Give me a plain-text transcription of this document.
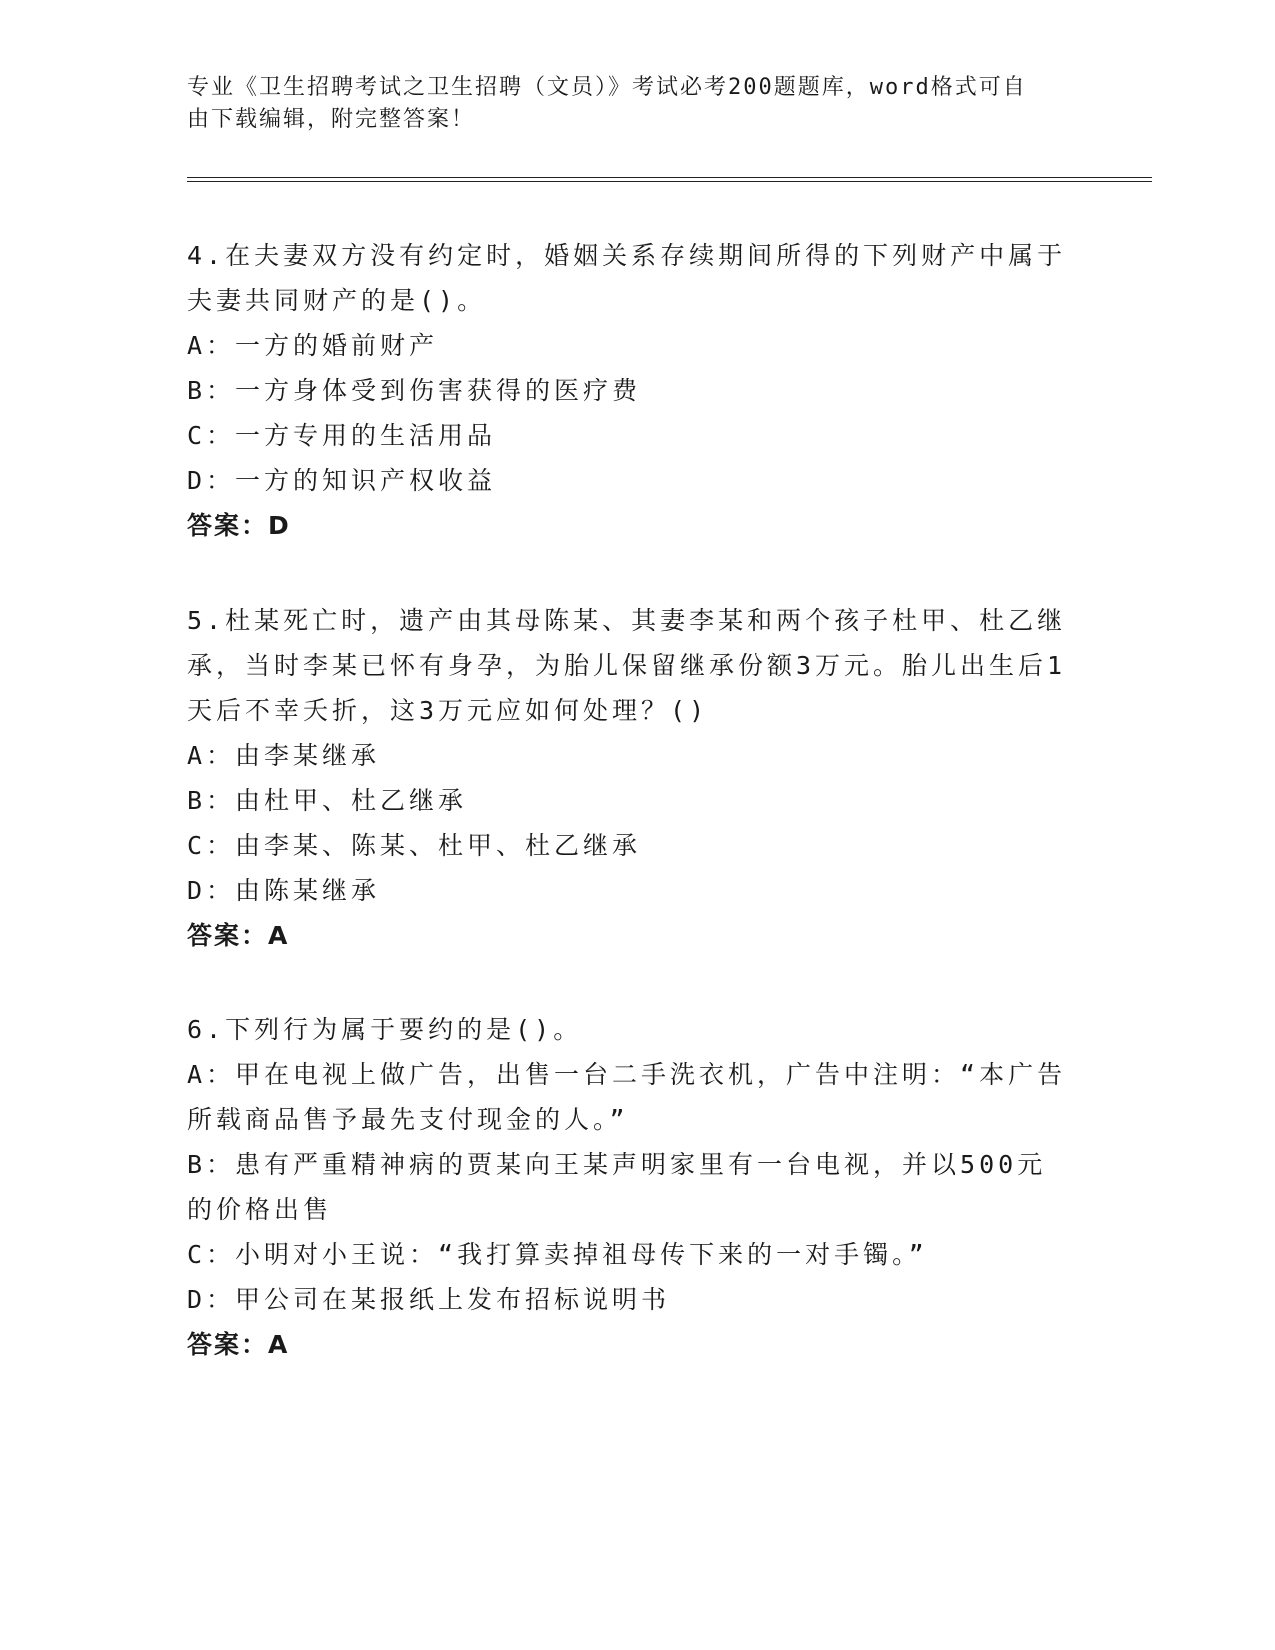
专业《卫生招聘考试之卫生招聘（文员）》考试必考200题题库，word格式可自
由下载编辑，附完整答案！
4.在夫妻双方没有约定时，婚姻关系存续期间所得的下列财产中属于夫妻共同财产的是()。
A：一方的婚前财产
B：一方身体受到伤害获得的医疗费
C：一方专用的生活用品
D：一方的知识产权收益
答案：D
5.杜某死亡时，遗产由其母陈某、其妻李某和两个孩子杜甲、杜乙继承，当时李某已怀有身孕，为胎儿保留继承份额3万元。胎儿出生后1天后不幸夭折，这3万元应如何处理？()
A：由李某继承
B：由杜甲、杜乙继承
C：由李某、陈某、杜甲、杜乙继承
D：由陈某继承
答案：A
6.下列行为属于要约的是()。
A：甲在电视上做广告，出售一台二手洗衣机，广告中注明：“本广告所载商品售予最先支付现金的人。”
B：患有严重精神病的贾某向王某声明家里有一台电视，并以500元的价格出售
C：小明对小王说：“我打算卖掉祖母传下来的一对手镯。”
D：甲公司在某报纸上发布招标说明书
答案：A
